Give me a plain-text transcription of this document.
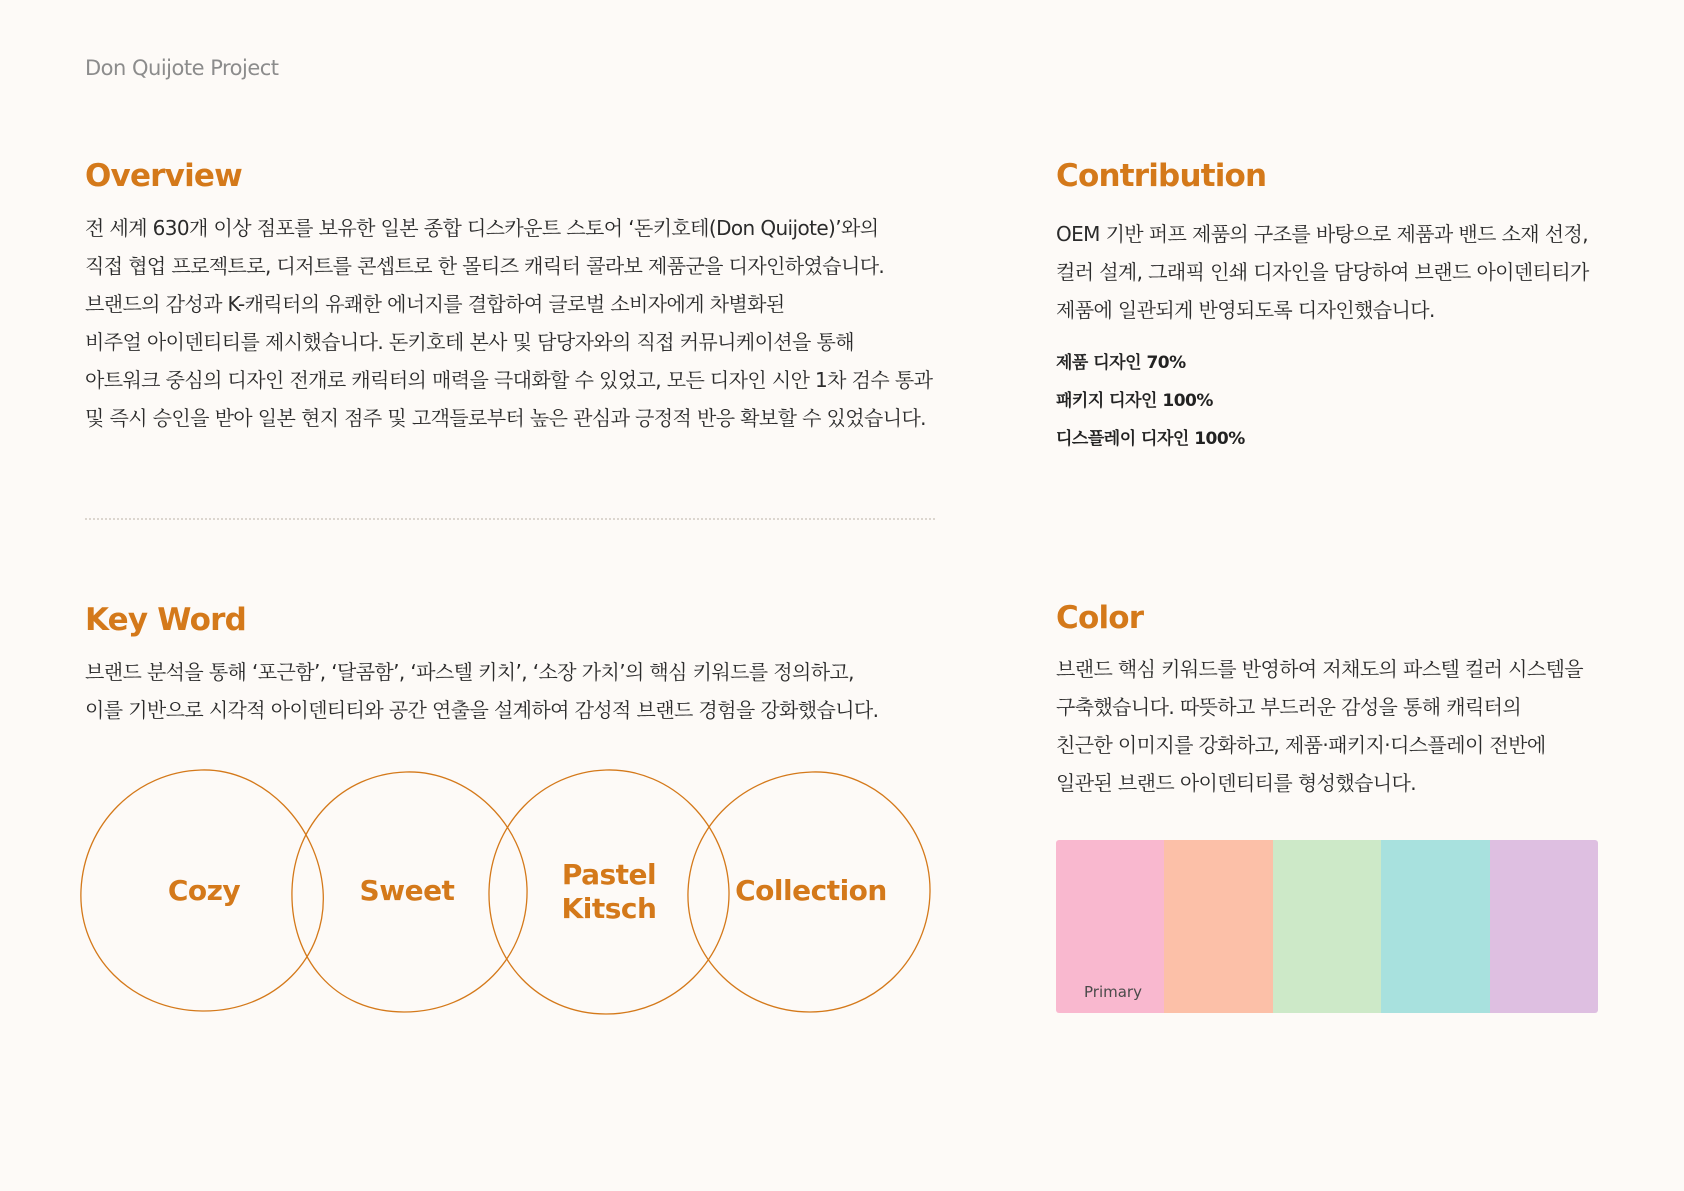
Don Quijote Project
Overview
전 세계 630개 이상 점포를 보유한 일본 종합 디스카운트 스토어 ‘돈키호테(Don Quijote)’와의
직접 협업 프로젝트로, 디저트를 콘셉트로 한 몰티즈 캐릭터 콜라보 제품군을 디자인하였습니다.
브랜드의 감성과 K-캐릭터의 유쾌한 에너지를 결합하여 글로벌 소비자에게 차별화된
비주얼 아이덴티티를 제시했습니다. 돈키호테 본사 및 담당자와의 직접 커뮤니케이션을 통해
아트워크 중심의 디자인 전개로 캐릭터의 매력을 극대화할 수 있었고, 모든 디자인 시안 1차 검수 통과
및 즉시 승인을 받아 일본 현지 점주 및 고객들로부터 높은 관심과 긍정적 반응 확보할 수 있었습니다.
Contribution
OEM 기반 퍼프 제품의 구조를 바탕으로 제품과 밴드 소재 선정,
컬러 설계, 그래픽 인쇄 디자인을 담당하여 브랜드 아이덴티티가
제품에 일관되게 반영되도록 디자인했습니다.
제품 디자인 70%
패키지 디자인 100%
디스플레이 디자인 100%
Key Word
브랜드 분석을 통해 ‘포근함’, ‘달콤함’, ‘파스텔 키치’, ‘소장 가치’의 핵심 키워드를 정의하고,
이를 기반으로 시각적 아이덴티티와 공간 연출을 설계하여 감성적 브랜드 경험을 강화했습니다.
Cozy	Sweet	Pastel Kitsch
Collection
Color
브랜드 핵심 키워드를 반영하여 저채도의 파스텔 컬러 시스템을
구축했습니다. 따뜻하고 부드러운 감성을 통해 캐릭터의
친근한 이미지를 강화하고, 제품·패키지·디스플레이 전반에
일관된 브랜드 아이덴티티를 형성했습니다.
Primary
